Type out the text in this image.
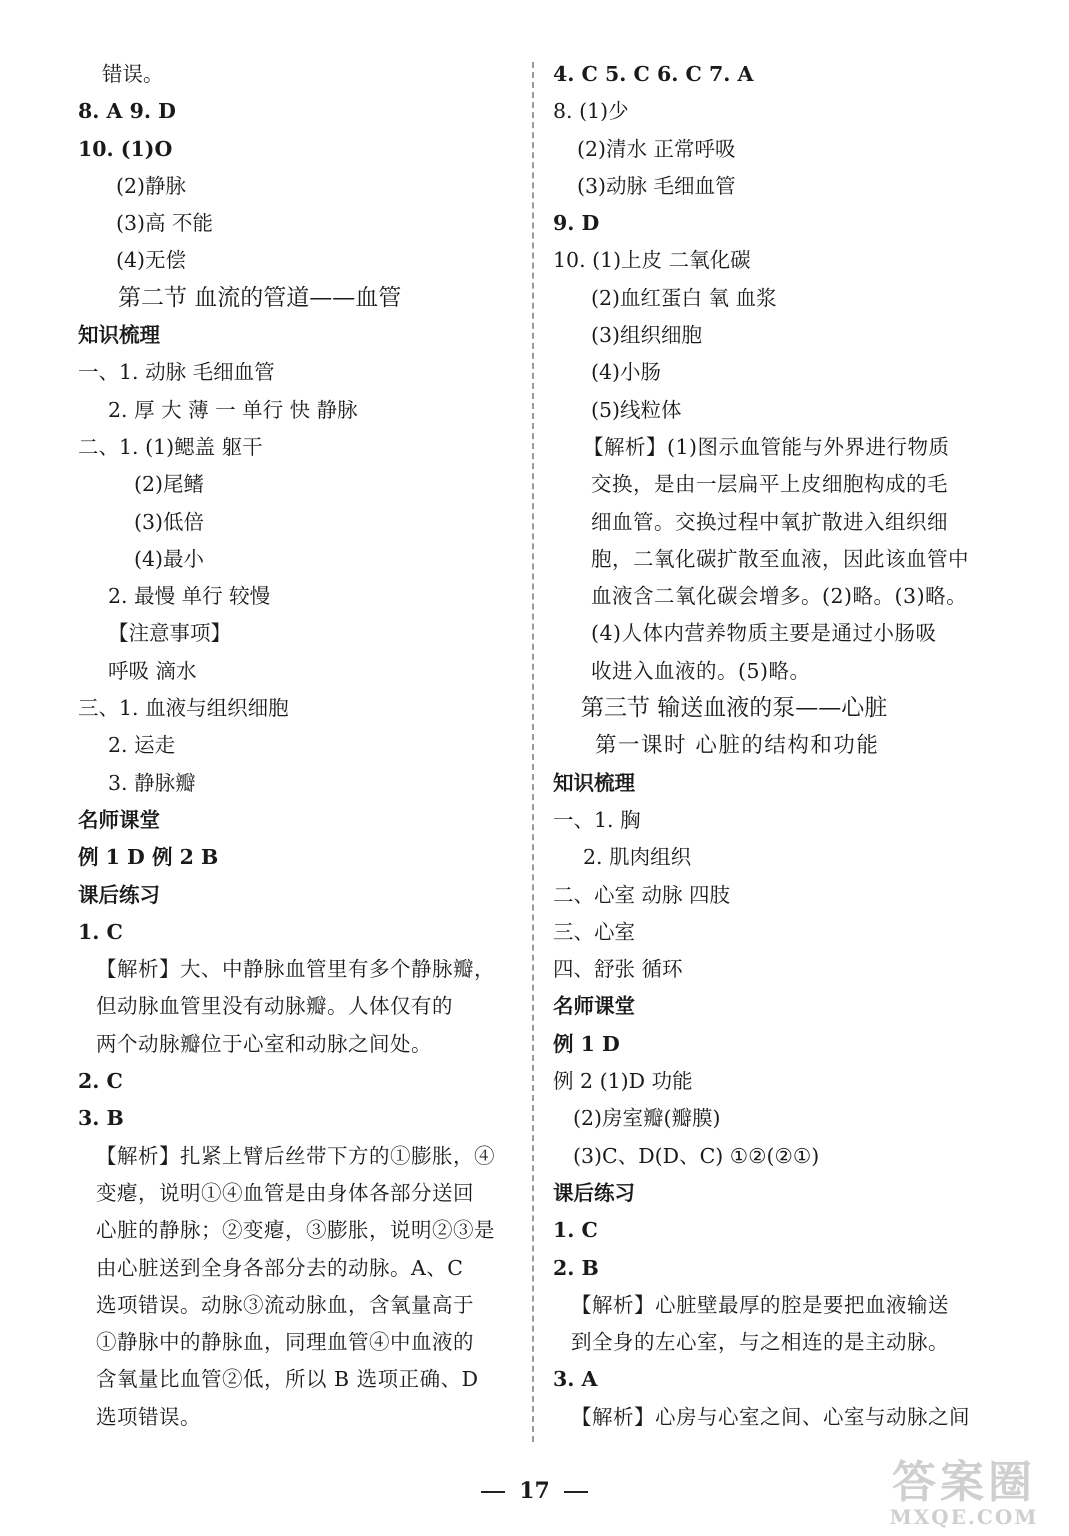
错误。
8. A 9. D
10. (1)O
(2)静脉
(3)高 不能
(4)无偿
第二节 血流的管道——血管
知识梳理
一、1. 动脉 毛细血管
2. 厚 大 薄 一 单行 快 静脉
二、1. (1)鳃盖 躯干
(2)尾鳍
(3)低倍
(4)最小
2. 最慢 单行 较慢
【注意事项】
呼吸 滴水
三、1. 血液与组织细胞
2. 运走
3. 静脉瓣
名师课堂
例 1 D 例 2 B
课后练习
1. C
【解析】大、中静脉血管里有多个静脉瓣，
但动脉血管里没有动脉瓣。人体仅有的
两个动脉瓣位于心室和动脉之间处。
2. C
3. B
【解析】扎紧上臂后丝带下方的①膨胀，④
变瘪，说明①④血管是由身体各部分送回
心脏的静脉；②变瘪，③膨胀，说明②③是
由心脏送到全身各部分去的动脉。A、C
选项错误。动脉③流动脉血，含氧量高于
①静脉中的静脉血，同理血管④中血液的
含氧量比血管②低，所以 B 选项正确、D
选项错误。
4. C 5. C 6. C 7. A
8. (1)少
(2)清水 正常呼吸
(3)动脉 毛细血管
9. D
10. (1)上皮 二氧化碳
(2)血红蛋白 氧 血浆
(3)组织细胞
(4)小肠
(5)线粒体
【解析】(1)图示血管能与外界进行物质
交换，是由一层扁平上皮细胞构成的毛
细血管。交换过程中氧扩散进入组织细
胞，二氧化碳扩散至血液，因此该血管中
血液含二氧化碳会增多。(2)略。(3)略。
(4)人体内营养物质主要是通过小肠吸
收进入血液的。(5)略。
第三节 输送血液的泵——心脏
第一课时 心脏的结构和功能
知识梳理
一、1. 胸
2. 肌肉组织
二、心室 动脉 四肢
三、心室
四、舒张 循环
名师课堂
例 1 D
例 2 (1)D 功能
(2)房室瓣(瓣膜)
(3)C、D(D、C) ①②(②①)
课后练习
1. C
2. B
【解析】心脏壁最厚的腔是要把血液输送
到全身的左心室，与之相连的是主动脉。
3. A
【解析】心房与心室之间、心室与动脉之间
17	答案圈
MXQE.COM
